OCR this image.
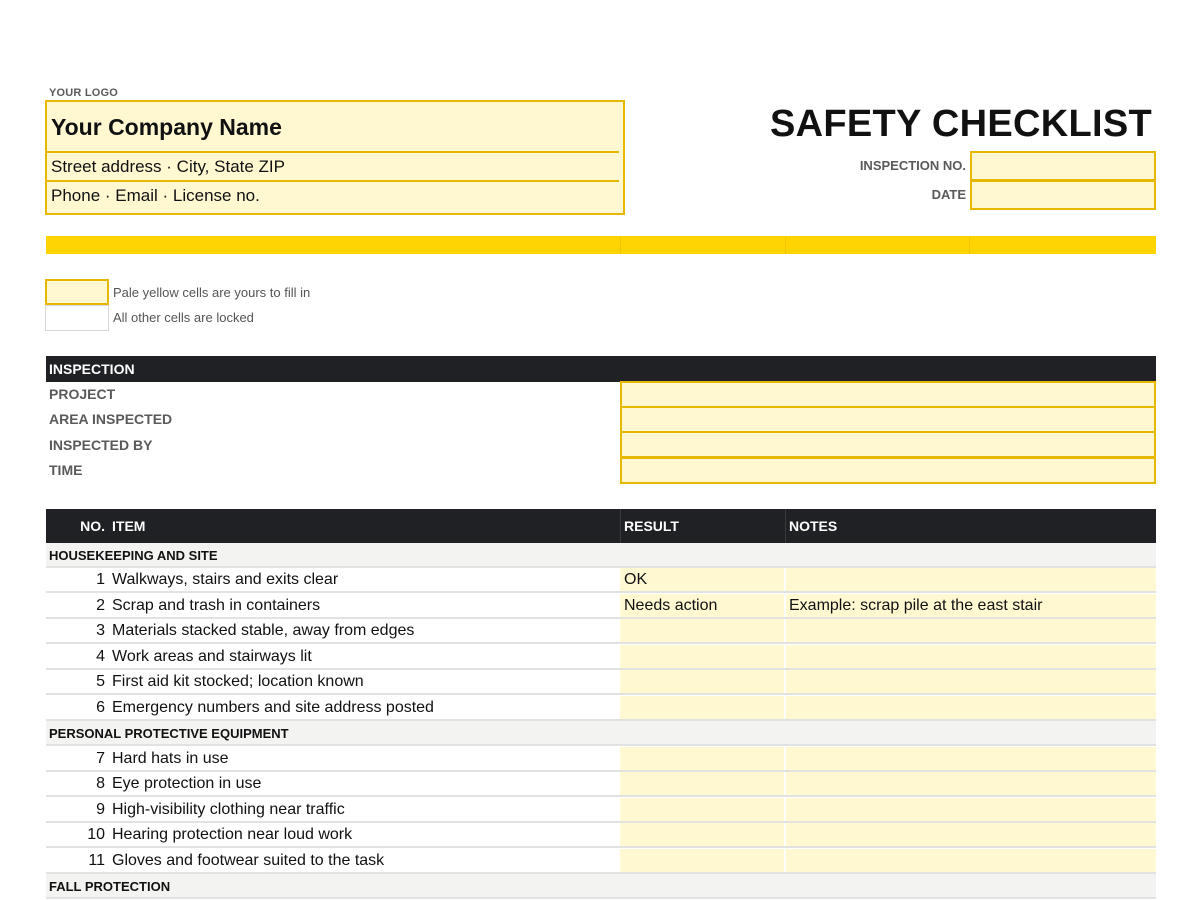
YOUR LOGO
Your Company Name
Street address · City, State ZIP
Phone · Email · License no.
SAFETY CHECKLIST
INSPECTION NO.
DATE
Pale yellow cells are yours to fill in
All other cells are locked
INSPECTION
PROJECT
AREA INSPECTED
INSPECTED BY
TIME
NO. ITEM	RESULT	NOTES
HOUSEKEEPING AND SITE
1 Walkways, stairs and exits clear	OK
2 Scrap and trash in containers	Needs action	Example: scrap pile at the east stair
3 Materials stacked stable, away from edges
4 Work areas and stairways lit
5 First aid kit stocked; location known
6 Emergency numbers and site address posted
PERSONAL PROTECTIVE EQUIPMENT
7 Hard hats in use
8 Eye protection in use
9 High-visibility clothing near traffic
10 Hearing protection near loud work
11 Gloves and footwear suited to the task
FALL PROTECTION
